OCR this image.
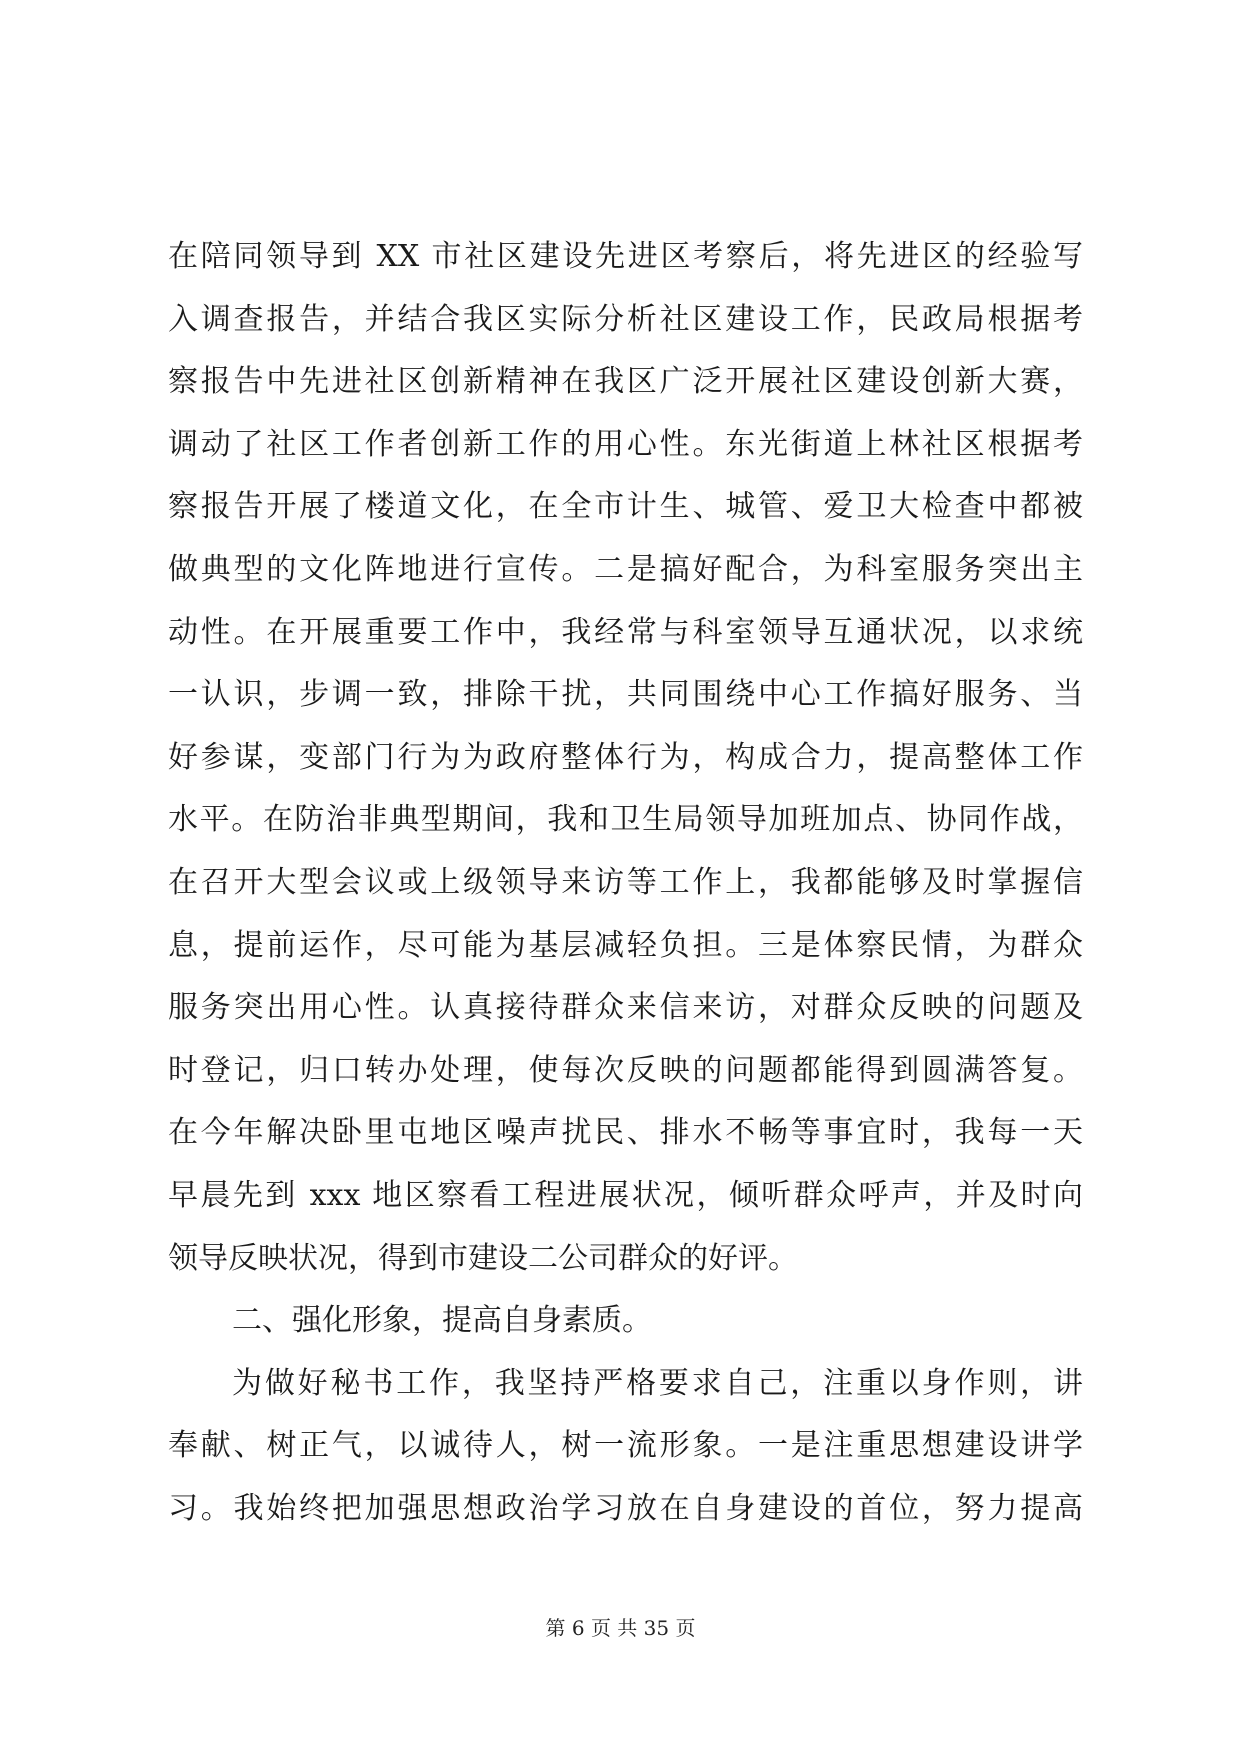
在陪同领导到 XX 市社区建设先进区考察后，将先进区的经验写
入调查报告，并结合我区实际分析社区建设工作，民政局根据考
察报告中先进社区创新精神在我区广泛开展社区建设创新大赛，
调动了社区工作者创新工作的用心性。东光街道上林社区根据考
察报告开展了楼道文化，在全市计生、城管、爱卫大检查中都被
做典型的文化阵地进行宣传。二是搞好配合，为科室服务突出主
动性。在开展重要工作中，我经常与科室领导互通状况，以求统
一认识，步调一致，排除干扰，共同围绕中心工作搞好服务、当
好参谋，变部门行为为政府整体行为，构成合力，提高整体工作
水平。在防治非典型期间，我和卫生局领导加班加点、协同作战，
在召开大型会议或上级领导来访等工作上，我都能够及时掌握信
息，提前运作，尽可能为基层减轻负担。三是体察民情，为群众
服务突出用心性。认真接待群众来信来访，对群众反映的问题及
时登记，归口转办处理，使每次反映的问题都能得到圆满答复。
在今年解决卧里屯地区噪声扰民、排水不畅等事宜时，我每一天
早晨先到 xxx 地区察看工程进展状况，倾听群众呼声，并及时向
领导反映状况，得到市建设二公司群众的好评。
二、强化形象，提高自身素质。
为做好秘书工作，我坚持严格要求自己，注重以身作则，讲
奉献、树正气，以诚待人，树一流形象。一是注重思想建设讲学
习。我始终把加强思想政治学习放在自身建设的首位，努力提高
第 6 页 共 35 页
